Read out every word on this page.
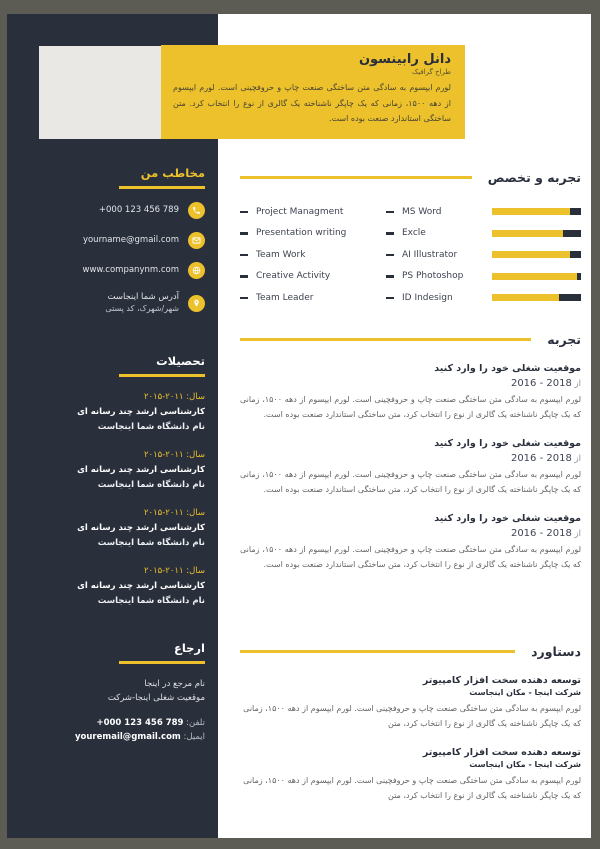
دانل رابینسون
طراح گرافیک
لورم ایپسوم به سادگی متن ساختگی صنعت چاپ و حروفچینی است. لورم ایپسوم از دهه ۱۵۰۰، زمانی که یک چاپگر ناشناخته یک گالری از نوع را انتخاب کرد. متن ساختگی استاندارد صنعت بوده است.
مخاطب من
+000 123 456 789
yourname@gmail.com
www.companynm.com
آدرس شما اینجاست
شهر/شهرک، کد پستی
تحصیلات
سال: ۲۰۱۵-۲۰۱۱
کارشناسی ارشد چند رسانه ای
نام دانشگاه شما اینجاست
سال: ۲۰۱۵-۲۰۱۱
کارشناسی ارشد چند رسانه ای
نام دانشگاه شما اینجاست
سال: ۲۰۱۵-۲۰۱۱
کارشناسی ارشد چند رسانه ای
نام دانشگاه شما اینجاست
سال: ۲۰۱۵-۲۰۱۱
کارشناسی ارشد چند رسانه ای
نام دانشگاه شما اینجاست
ارجاع
نام مرجع در اینجا
موقعیت شغلی اینجا-شرکت
تلفن: +000 123 456 789
ایمیل: youremail@gmail.com
تجربه و تخصص
Project Managment	MS Word
Presentation writing	Excle
Team Work	AI Illustrator
Creative Activity	PS Photoshop
Team Leader	ID Indesign
تجربه
موقعیت شغلی خود را وارد کنید
از 2016 - 2018
لورم ایپسوم به سادگی متن ساختگی صنعت چاپ و حروفچینی است. لورم ایپسوم از دهه ۱۵۰۰، زمانی که یک چاپگر ناشناخته یک گالری از نوع را انتخاب کرد، متن ساختگی استاندارد صنعت بوده است.
موقعیت شغلی خود را وارد کنید
از 2016 - 2018
لورم ایپسوم به سادگی متن ساختگی صنعت چاپ و حروفچینی است. لورم ایپسوم از دهه ۱۵۰۰، زمانی که یک چاپگر ناشناخته یک گالری از نوع را انتخاب کرد، متن ساختگی استاندارد صنعت بوده است.
موقعیت شغلی خود را وارد کنید
از 2016 - 2018
لورم ایپسوم به سادگی متن ساختگی صنعت چاپ و حروفچینی است. لورم ایپسوم از دهه ۱۵۰۰، زمانی که یک چاپگر ناشناخته یک گالری از نوع را انتخاب کرد، متن ساختگی استاندارد صنعت بوده است.
دستاورد
توسعه دهنده سخت افزار کامپیوتر
شرکت اینجا - مکان اینجاست
لورم ایپسوم به سادگی متن ساختگی صنعت چاپ و حروفچینی است. لورم ایپسوم از دهه ۱۵۰۰، زمانی که یک چاپگر ناشناخته یک گالری از نوع را انتخاب کرد، متن
توسعه دهنده سخت افزار کامپیوتر
شرکت اینجا - مکان اینجاست
لورم ایپسوم به سادگی متن ساختگی صنعت چاپ و حروفچینی است. لورم ایپسوم از دهه ۱۵۰۰، زمانی که یک چاپگر ناشناخته یک گالری از نوع را انتخاب کرد، متن
